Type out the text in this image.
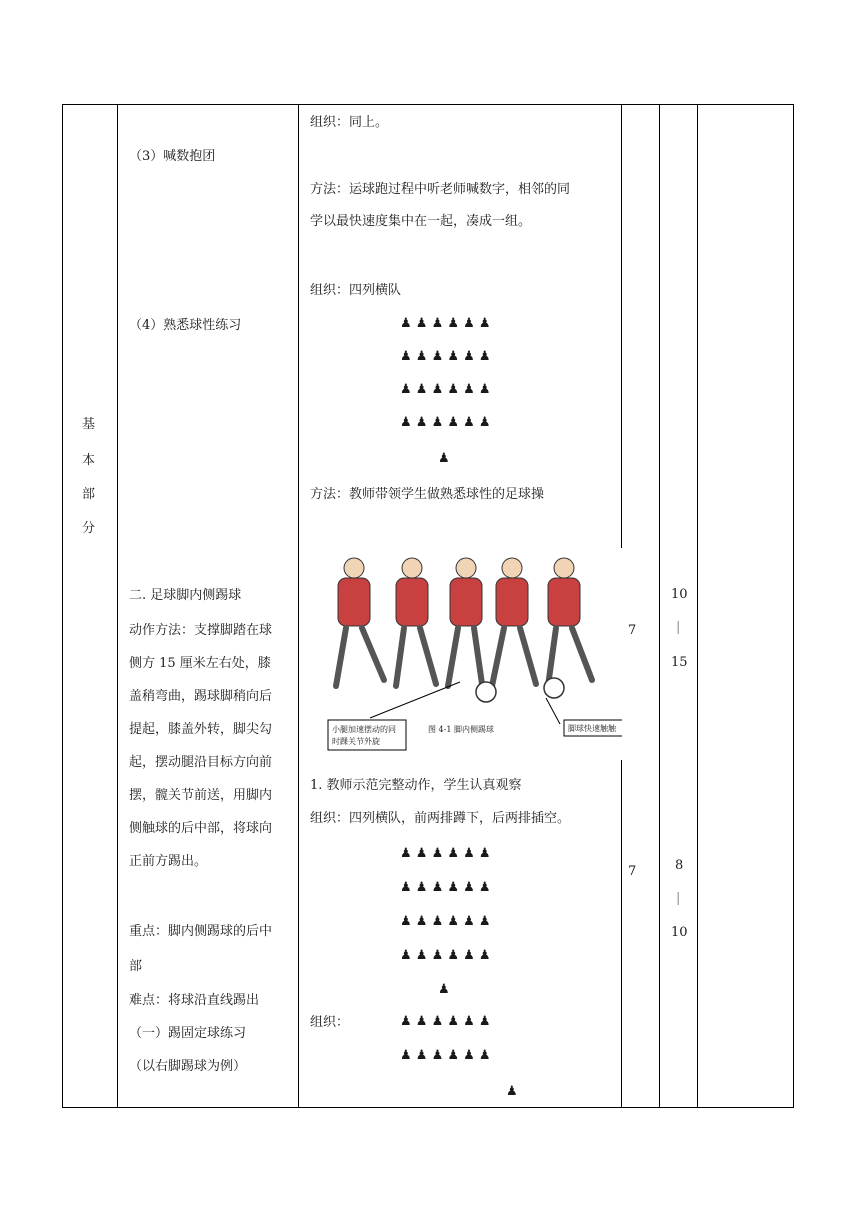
基
本
部
分
（3）喊数抱团
（4）熟悉球性练习
二. 足球脚内侧踢球
动作方法：支撑脚踏在球
侧方 15 厘米左右处，膝
盖稍弯曲，踢球脚稍向后
提起，膝盖外转，脚尖勾
起，摆动腿沿目标方向前
摆，髋关节前送，用脚内
侧触球的后中部，将球向
正前方踢出。
重点：脚内侧踢球的后中
部
难点：将球沿直线踢出
（一）踢固定球练习
（以右脚踢球为例）
组织：同上。
方法：运球跑过程中听老师喊数字，相邻的同
学以最快速度集中在一起，凑成一组。
组织：四列横队
♟ ♟ ♟ ♟ ♟ ♟
♟ ♟ ♟ ♟ ♟ ♟
♟ ♟ ♟ ♟ ♟ ♟
♟ ♟ ♟ ♟ ♟ ♟
♟
方法：教师带领学生做熟悉球性的足球操
小腿加速摆动的同
时踝关节外旋
图 4-1 脚内侧踢球	脚球快速触触
1. 教师示范完整动作，学生认真观察
组织：四列横队，前两排蹲下，后两排插空。
♟ ♟ ♟ ♟ ♟ ♟
♟ ♟ ♟ ♟ ♟ ♟
♟ ♟ ♟ ♟ ♟ ♟
♟ ♟ ♟ ♟ ♟ ♟
♟
组织：	♟ ♟ ♟ ♟ ♟ ♟
♟ ♟ ♟ ♟ ♟ ♟
♟
7
7
10
|
15
8
|
10
